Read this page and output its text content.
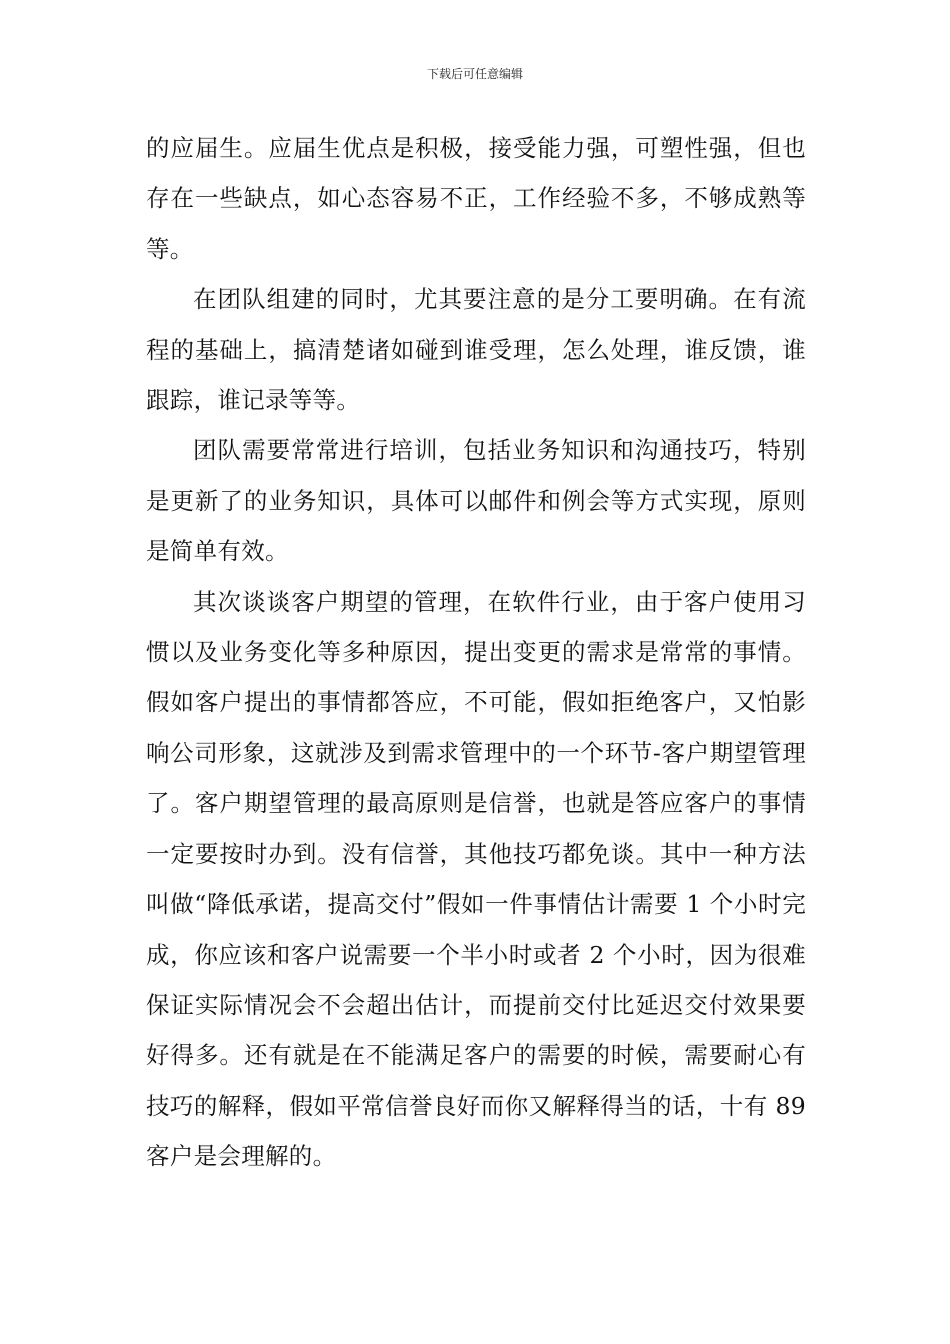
下载后可任意编辑

的应届生。应届生优点是积极，接受能力强，可塑性强，但也存在一些缺点，如心态容易不正，工作经验不多，不够成熟等等。

在团队组建的同时，尤其要注意的是分工要明确。在有流程的基础上，搞清楚诸如碰到谁受理，怎么处理，谁反馈，谁跟踪，谁记录等等。

团队需要常常进行培训，包括业务知识和沟通技巧，特别是更新了的业务知识，具体可以邮件和例会等方式实现，原则是简单有效。

其次谈谈客户期望的管理，在软件行业，由于客户使用习惯以及业务变化等多种原因，提出变更的需求是常常的事情。假如客户提出的事情都答应，不可能，假如拒绝客户，又怕影响公司形象，这就涉及到需求管理中的一个环节-客户期望管理了。客户期望管理的最高原则是信誉，也就是答应客户的事情一定要按时办到。没有信誉，其他技巧都免谈。其中一种方法叫做“降低承诺，提高交付”假如一件事情估计需要 1 个小时完成，你应该和客户说需要一个半小时或者 2 个小时，因为很难保证实际情况会不会超出估计，而提前交付比延迟交付效果要好得多。还有就是在不能满足客户的需要的时候，需要耐心有技巧的解释，假如平常信誉良好而你又解释得当的话，十有 89 客户是会理解的。
